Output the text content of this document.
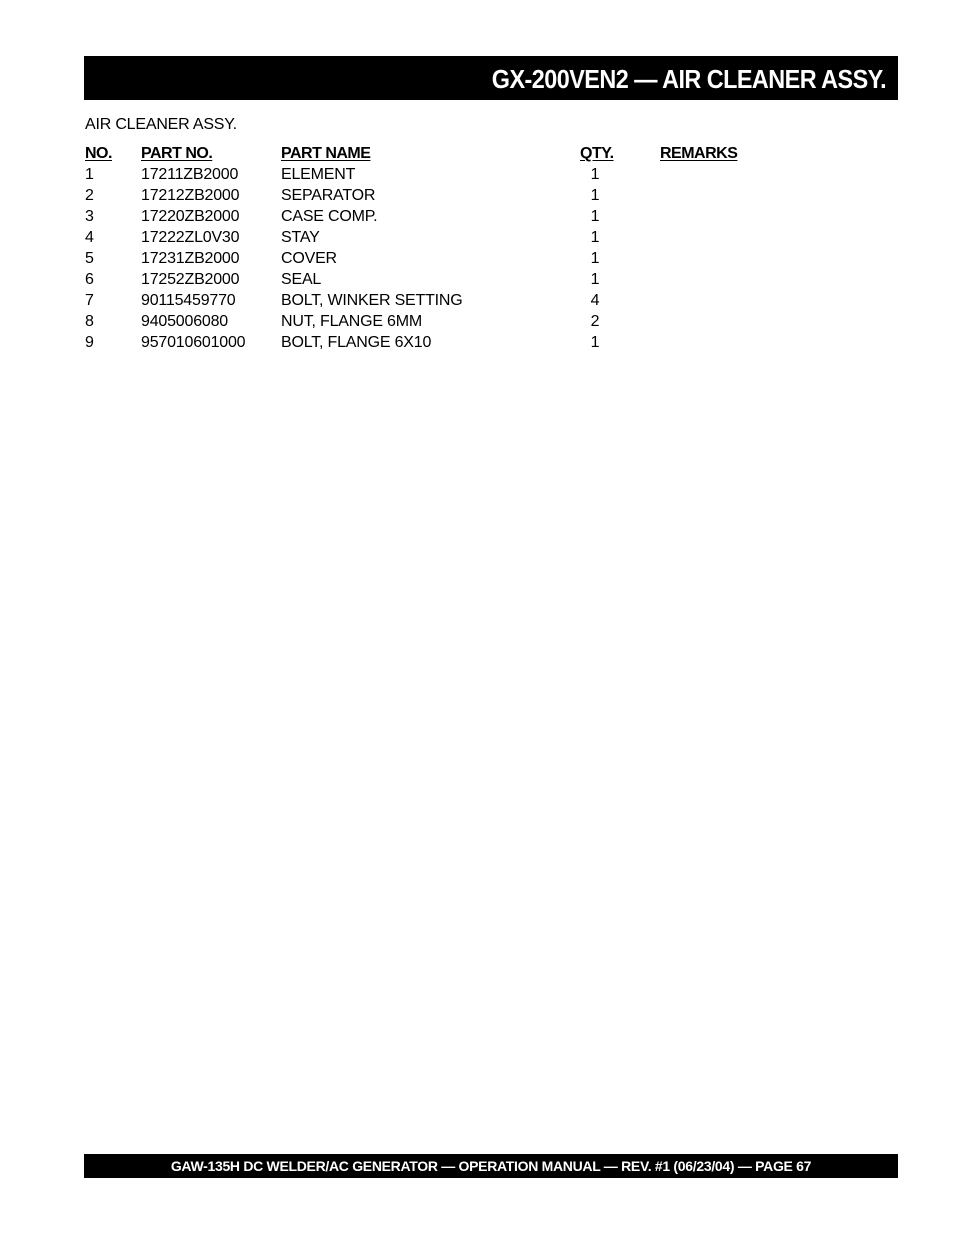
GX-200VEN2 — AIR CLEANER ASSY.
AIR CLEANER ASSY.
NO. PART NO.	PART NAME	QTY.	REMARKS
1	17211ZB2000	ELEMENT	1
2	17212ZB2000	SEPARATOR	1
3	17220ZB2000	CASE COMP.	1
4	17222ZL0V30	STAY	1
5	17231ZB2000	COVER	1
6	17252ZB2000	SEAL	1
7	90115459770	BOLT, WINKER SETTING	4
8	9405006080	NUT, FLANGE 6MM	2
9	957010601000 BOLT, FLANGE 6X10	1
GAW-135H DC WELDER/AC GENERATOR — OPERATION MANUAL — REV. #1 (06/23/04) — PAGE 67
